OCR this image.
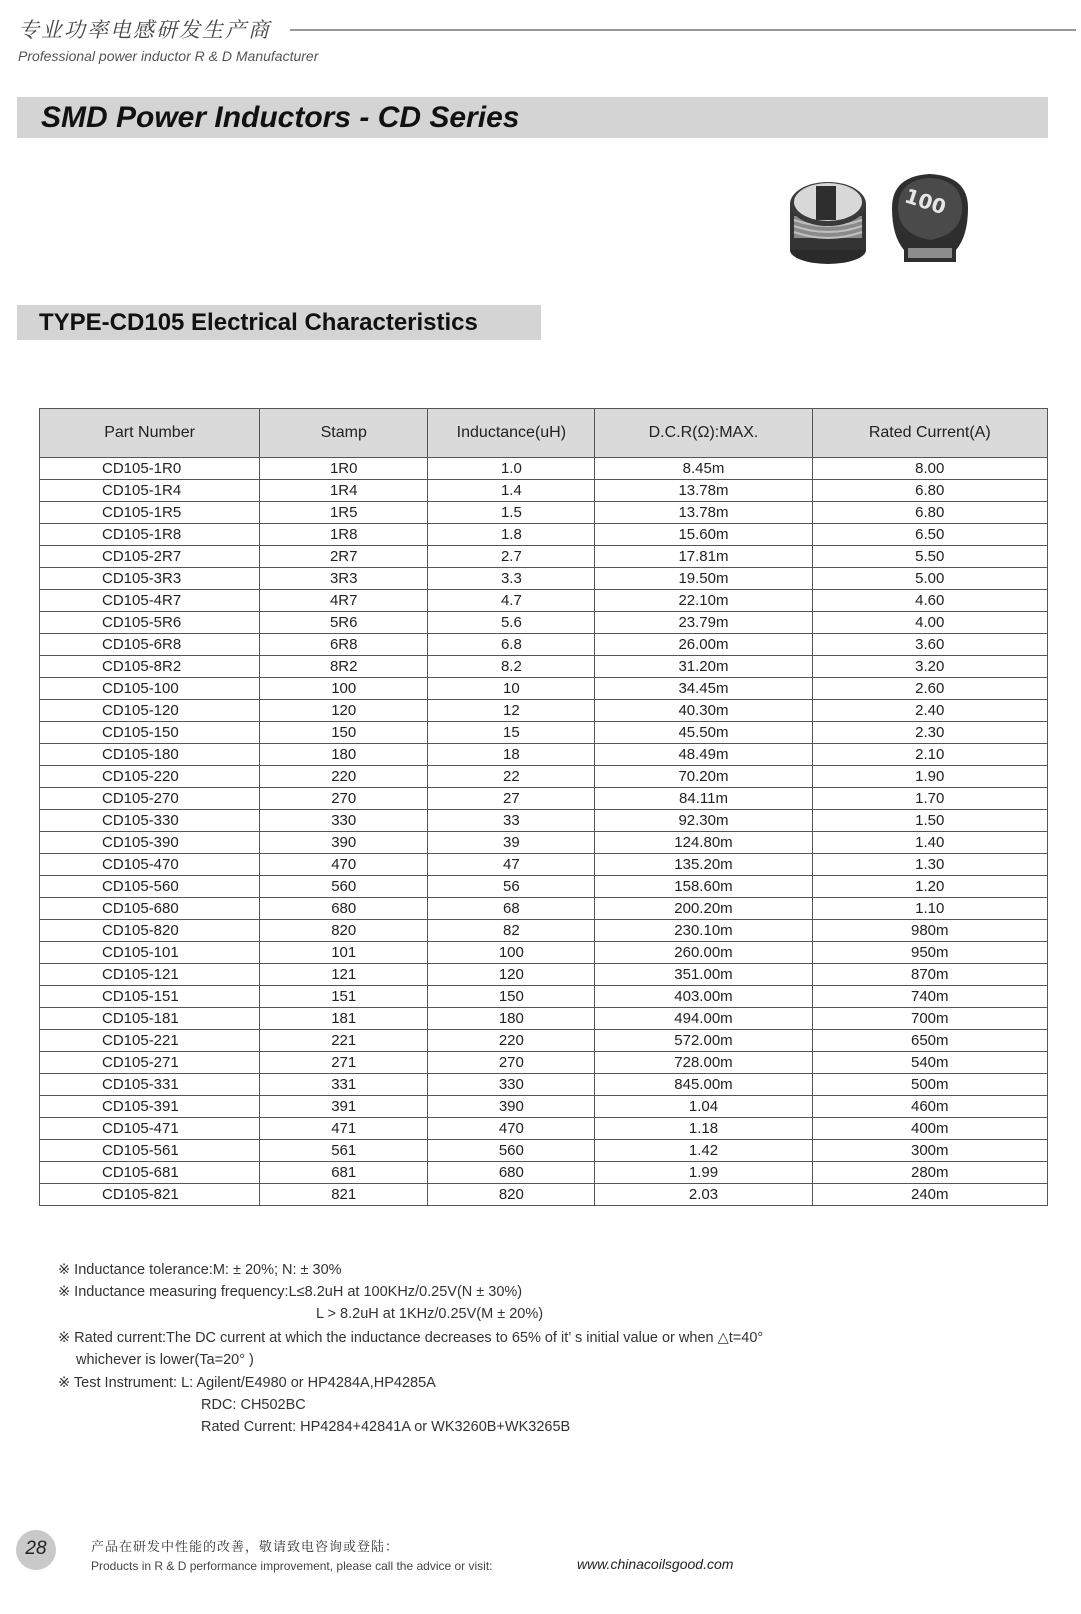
专业功率电感研发生产商
Professional power inductor R & D Manufacturer
SMD Power Inductors - CD Series
100
TYPE-CD105 Electrical Characteristics
Part Number	Stamp	Inductance(uH)	D.C.R(Ω):MAX.	Rated Current(A)
CD105-1R0	1R0	1.0	8.45m	8.00
CD105-1R4	1R4	1.4	13.78m	6.80
CD105-1R5	1R5	1.5	13.78m	6.80
CD105-1R8	1R8	1.8	15.60m	6.50
CD105-2R7	2R7	2.7	17.81m	5.50
CD105-3R3	3R3	3.3	19.50m	5.00
CD105-4R7	4R7	4.7	22.10m	4.60
CD105-5R6	5R6	5.6	23.79m	4.00
CD105-6R8	6R8	6.8	26.00m	3.60
CD105-8R2	8R2	8.2	31.20m	3.20
CD105-100	100	10	34.45m	2.60
CD105-120	120	12	40.30m	2.40
CD105-150	150	15	45.50m	2.30
CD105-180	180	18	48.49m	2.10
CD105-220	220	22	70.20m	1.90
CD105-270	270	27	84.11m	1.70
CD105-330	330	33	92.30m	1.50
CD105-390	390	39	124.80m	1.40
CD105-470	470	47	135.20m	1.30
CD105-560	560	56	158.60m	1.20
CD105-680	680	68	200.20m	1.10
CD105-820	820	82	230.10m	980m
CD105-101	101	100	260.00m	950m
CD105-121	121	120	351.00m	870m
CD105-151	151	150	403.00m	740m
CD105-181	181	180	494.00m	700m
CD105-221	221	220	572.00m	650m
CD105-271	271	270	728.00m	540m
CD105-331	331	330	845.00m	500m
CD105-391	391	390	1.04	460m
CD105-471	471	470	1.18	400m
CD105-561	561	560	1.42	300m
CD105-681	681	680	1.99	280m
CD105-821	821	820	2.03	240m
※ Inductance tolerance:M: ± 20%; N: ± 30%
※ Inductance measuring frequency:L≤8.2uH at 100KHz/0.25V(N ± 30%)
L > 8.2uH at 1KHz/0.25V(M ± 20%)
※ Rated current:The DC current at which the inductance decreases to 65% of it’ s initial value or when △t=40°
whichever is lower(Ta=20° )
※ Test Instrument: L: Agilent/E4980 or HP4284A,HP4285A
RDC: CH502BC
Rated Current: HP4284+42841A or WK3260B+WK3265B
28	产品在研发中性能的改善，敬请致电咨询或登陆：
Products in R & D performance improvement, please call the advice or visit:	www.chinacoilsgood.com
